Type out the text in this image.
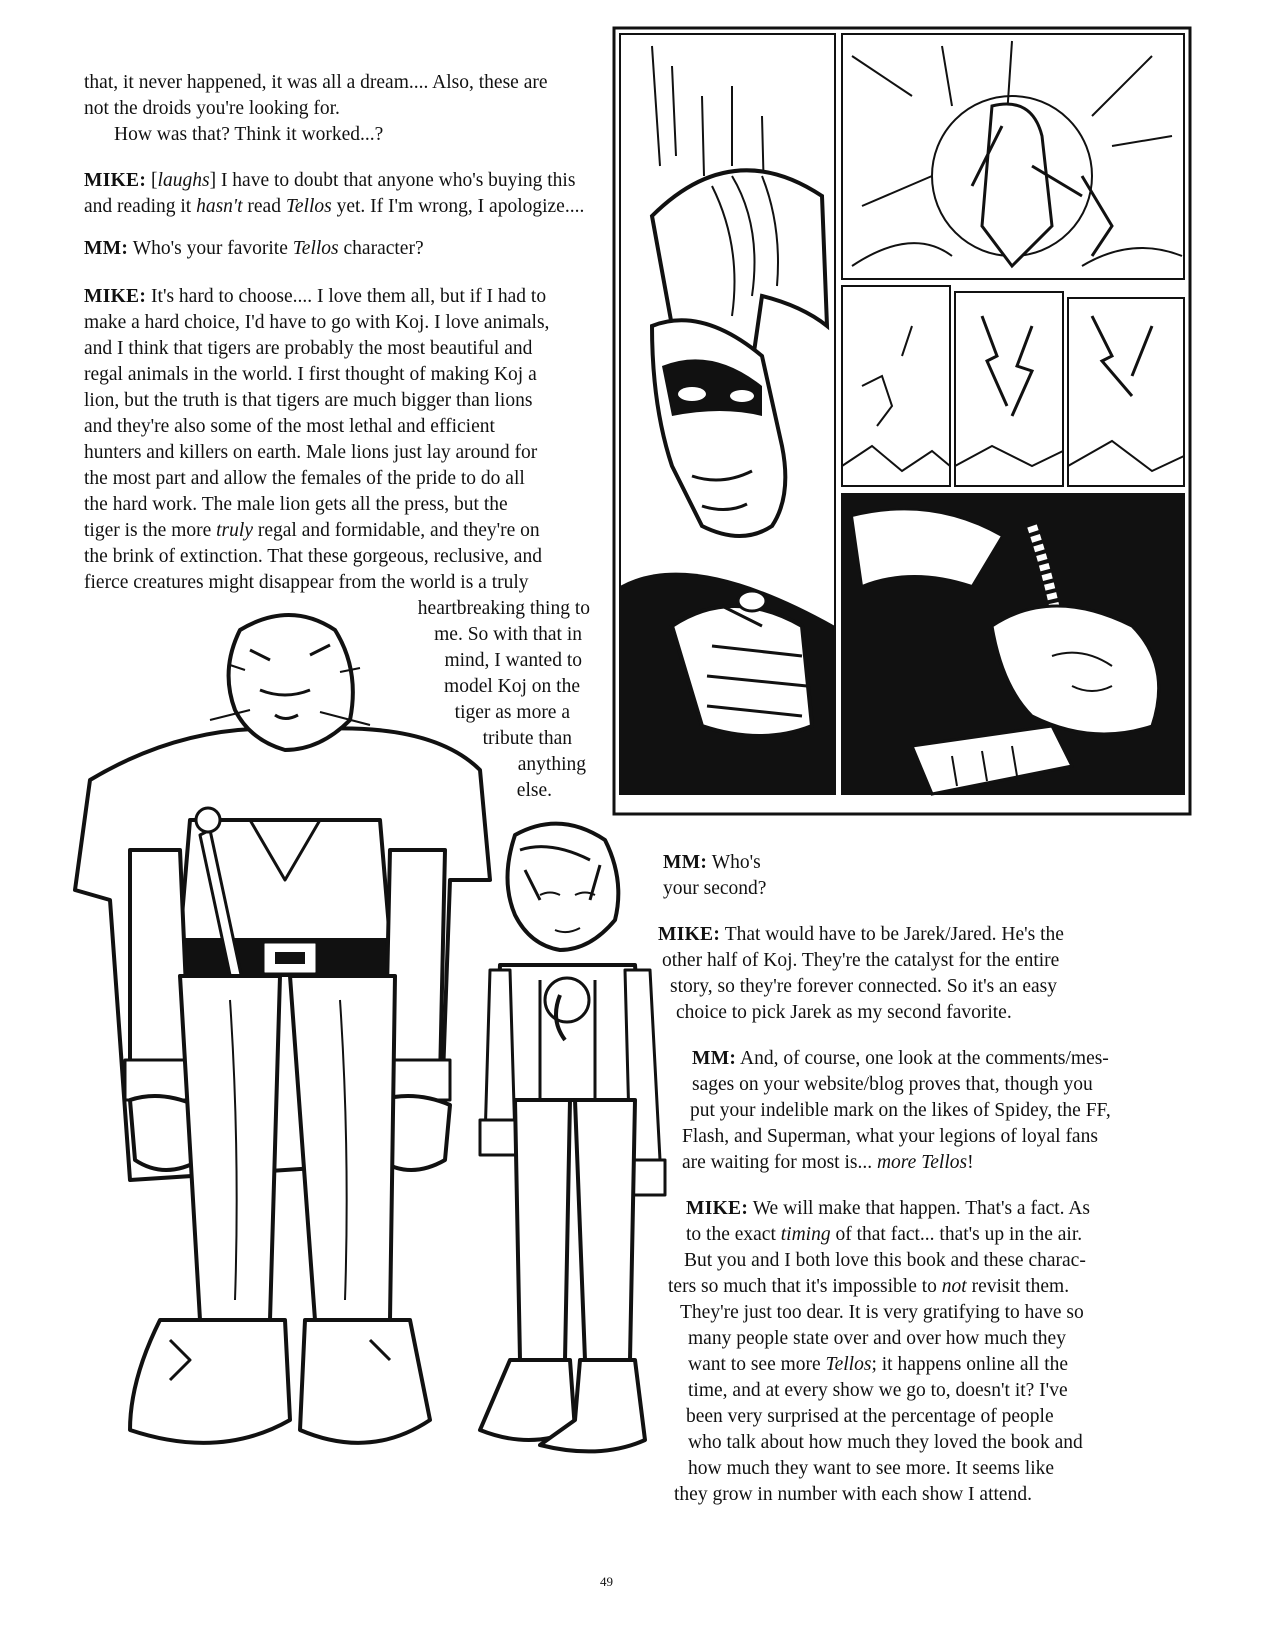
that, it never happened, it was all a dream.... Also, these are
not the droids you're looking for.
How was that? Think it worked...?
MIKE: [laughs] I have to doubt that anyone who's buying this
and reading it hasn't read Tellos yet. If I'm wrong, I apologize....
MM: Who's your favorite Tellos character?
MIKE: It's hard to choose.... I love them all, but if I had to
make a hard choice, I'd have to go with Koj. I love animals,
and I think that tigers are probably the most beautiful and
regal animals in the world. I first thought of making Koj a
lion, but the truth is that tigers are much bigger than lions
and they're also some of the most lethal and efficient
hunters and killers on earth. Male lions just lay around for
the most part and allow the females of the pride to do all
the hard work. The male lion gets all the press, but the
tiger is the more truly regal and formidable, and they're on
the brink of extinction. That these gorgeous, reclusive, and
fierce creatures might disappear from the world is a truly
heartbreaking thing to
me. So with that in
mind, I wanted to
model Koj on the
tiger as more a
tribute than
anything
else.
MM: Who's
your second?
MIKE: That would have to be Jarek/Jared. He's the
other half of Koj. They're the catalyst for the entire
story, so they're forever connected. So it's an easy
choice to pick Jarek as my second favorite.
MM: And, of course, one look at the comments/mes-
sages on your website/blog proves that, though you
put your indelible mark on the likes of Spidey, the FF,
Flash, and Superman, what your legions of loyal fans
are waiting for most is... more Tellos!
MIKE: We will make that happen. That's a fact. As
to the exact timing of that fact... that's up in the air.
But you and I both love this book and these charac-
ters so much that it's impossible to not revisit them.
They're just too dear. It is very gratifying to have so
many people state over and over how much they
want to see more Tellos; it happens online all the
time, and at every show we go to, doesn't it? I've
been very surprised at the percentage of people
who talk about how much they loved the book and
how much they want to see more. It seems like
they grow in number with each show I attend.
49
